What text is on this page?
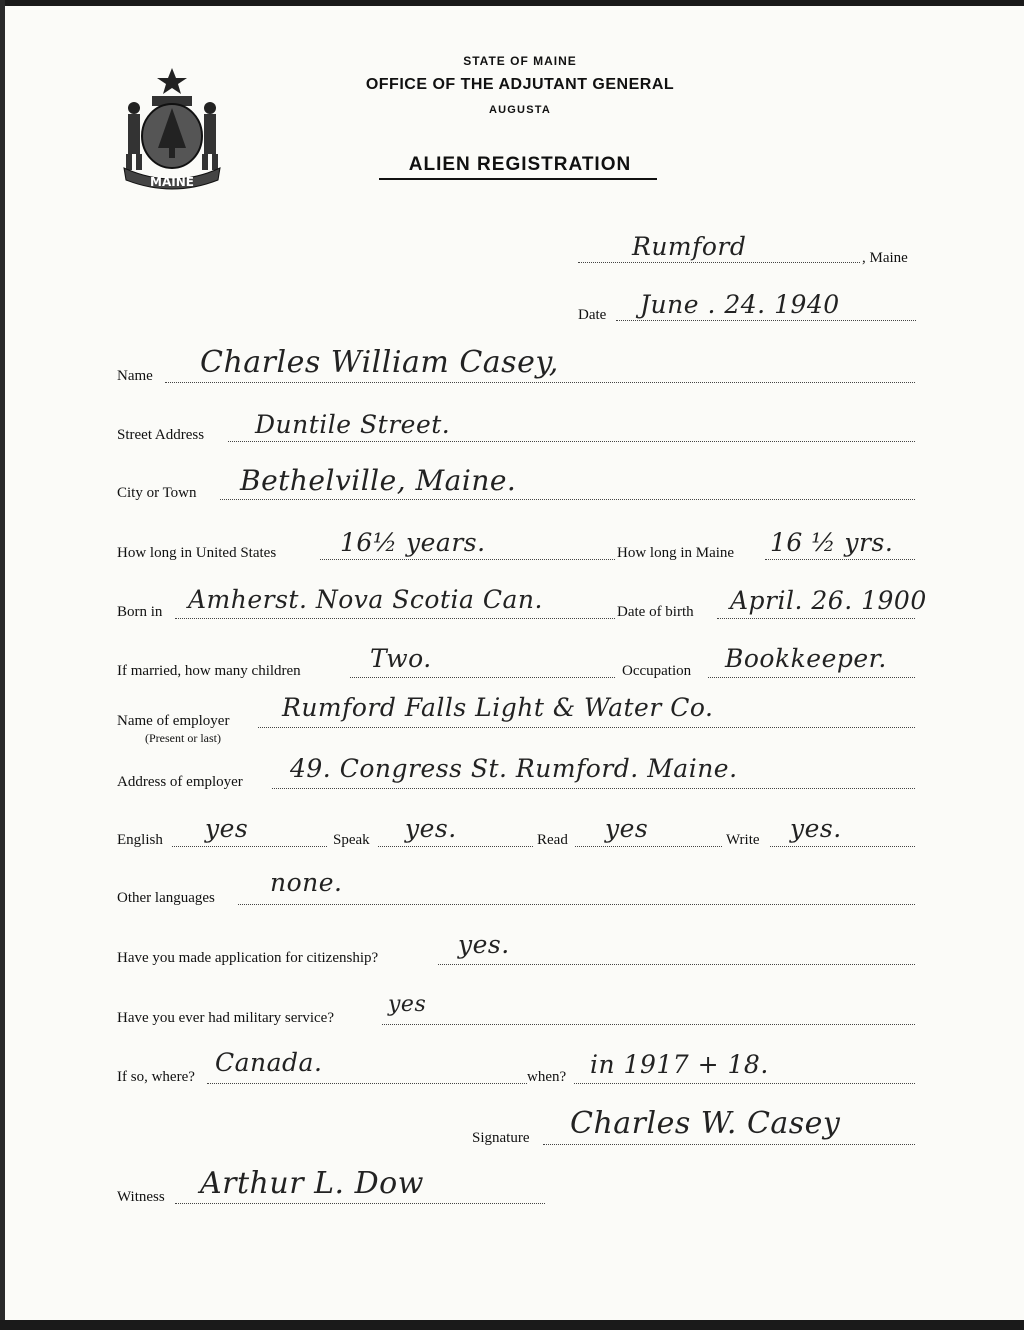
MAINE
STATE OF MAINE
OFFICE OF THE ADJUTANT GENERAL
AUGUSTA
ALIEN REGISTRATION
Rumford	, Maine
Date June . 24. 1940
Name Charles William Casey,
Street Address Duntile Street.
City or Town Bethelville, Maine.
How long in United States	16½ years.	How long in Maine 16 ½ yrs.
Born in Amherst. Nova Scotia Can.	Date of birth April. 26. 1900
If married, how many children	Two.	Occupation Bookkeeper.
Name of employer
(Present or last)
Rumford Falls Light & Water Co.
Address of employer 49. Congress St. Rumford. Maine.
English yes	Speak yes.	Read yes	Write yes.
Other languages
none.
Have you made application for citizenship?	yes.
Have you ever had military service?
yes
If so, where? Canada.	when? in 1917 + 18.
Signature Charles W. Casey
Witness Arthur L. Dow
